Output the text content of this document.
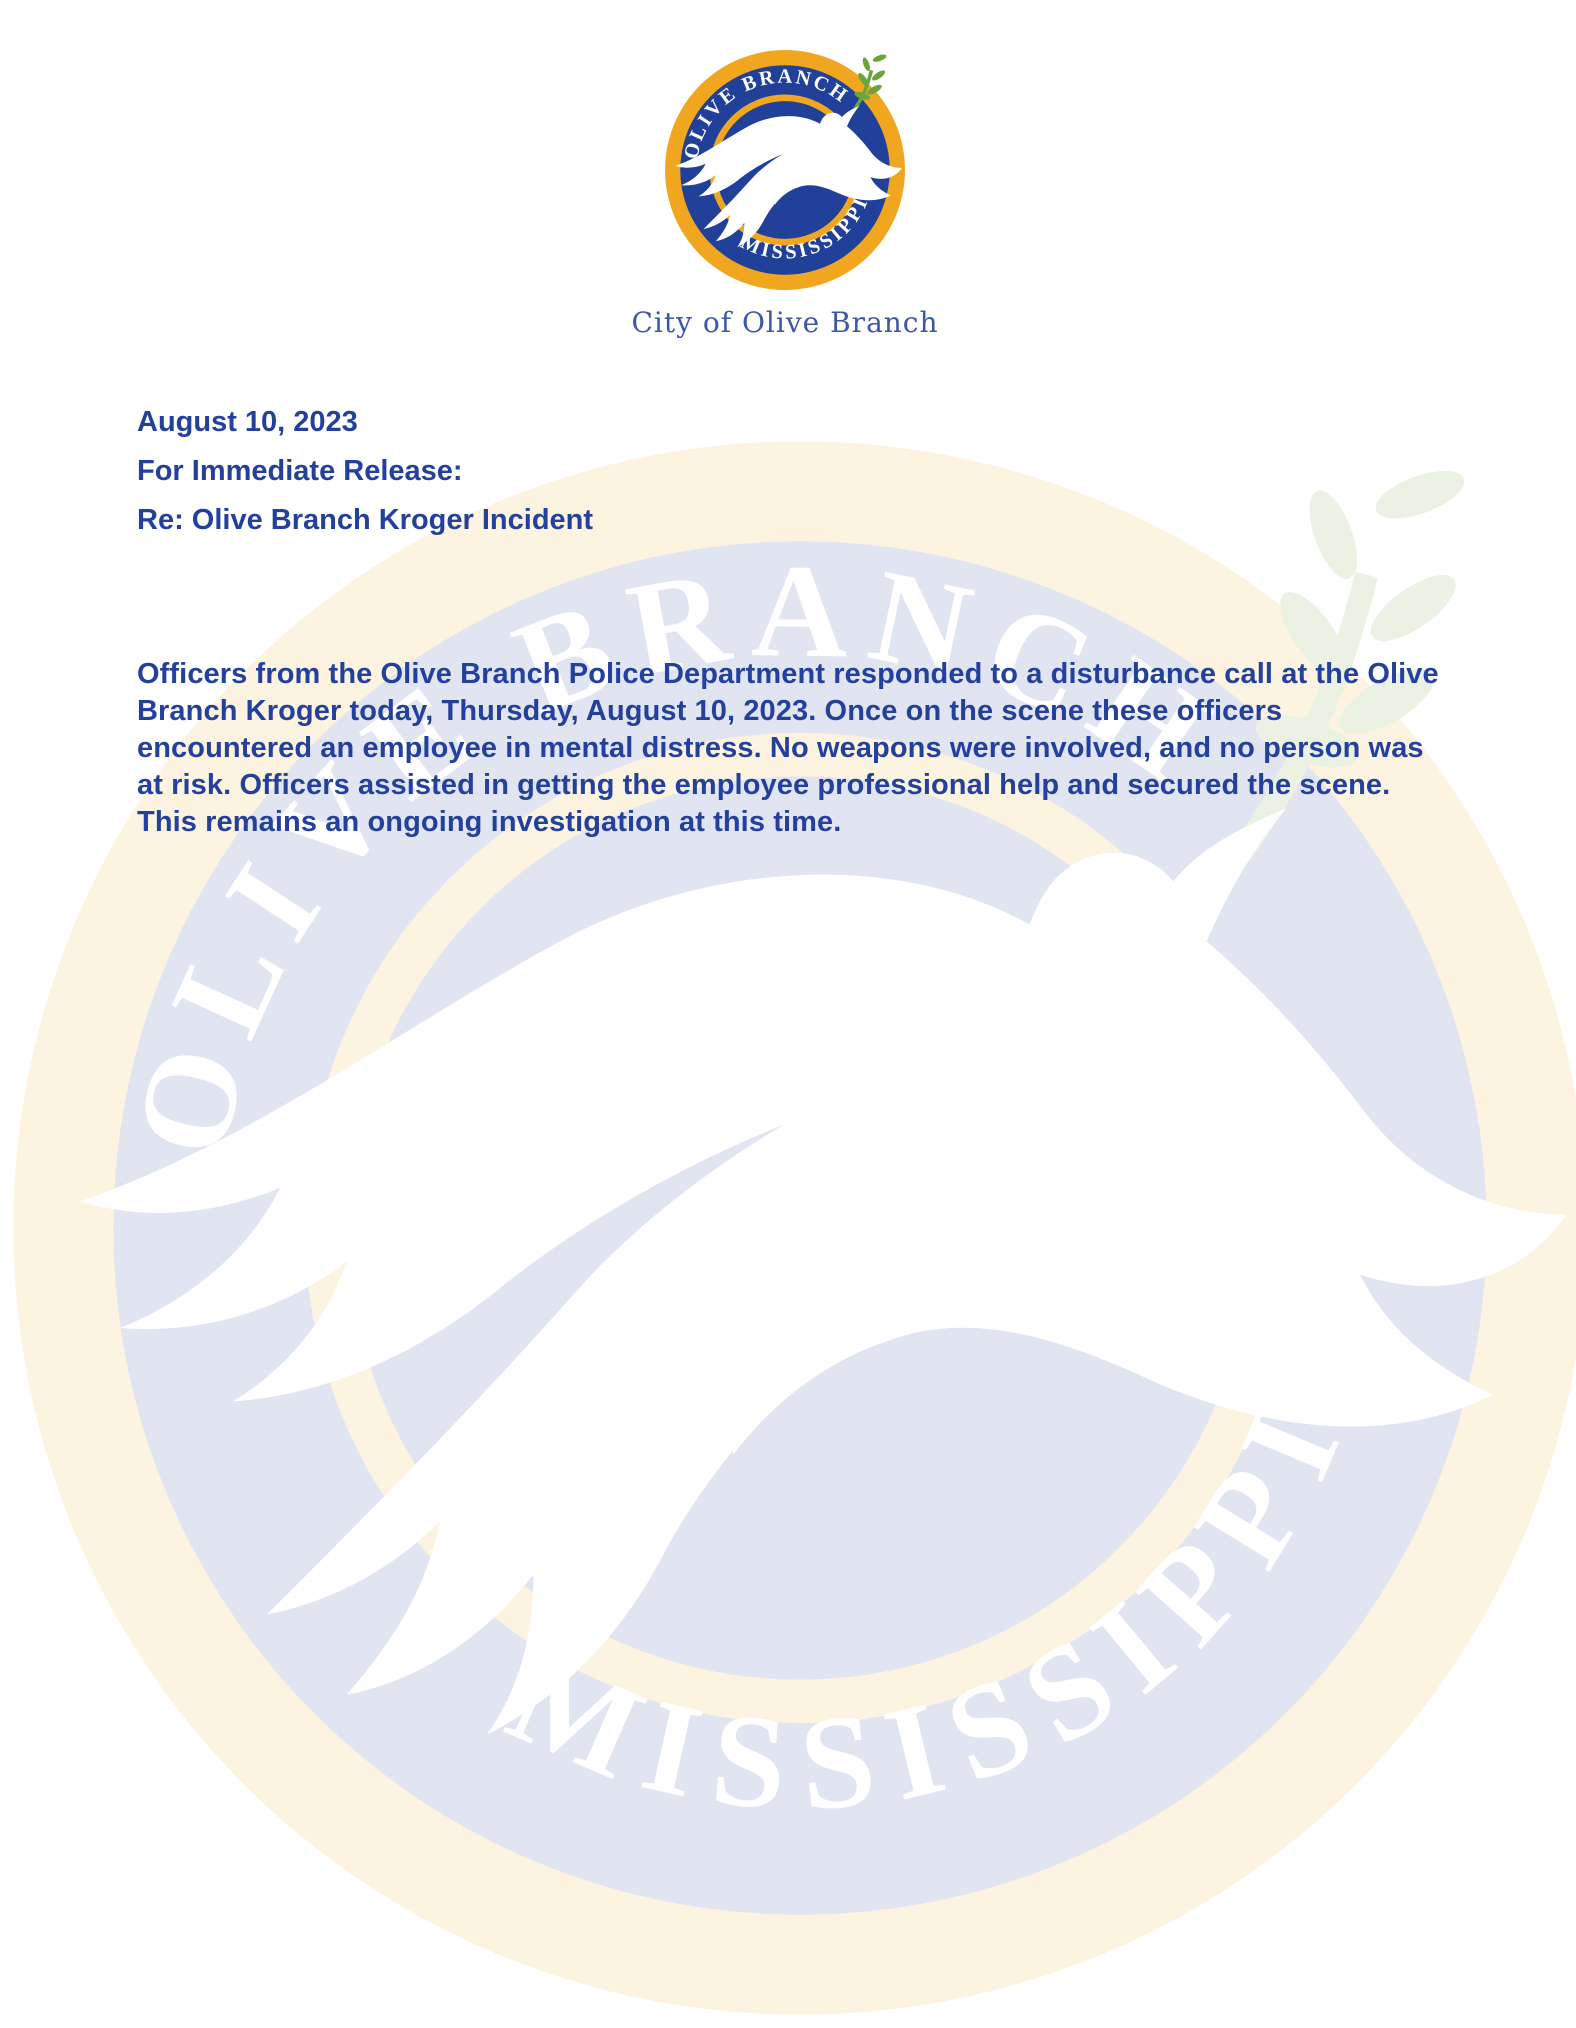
City of Olive Branch

August 10, 2023

For Immediate Release:

Re: Olive Branch Kroger Incident

Officers from the Olive Branch Police Department responded to a disturbance call at the Olive Branch Kroger today, Thursday, August 10, 2023. Once on the scene these officers encountered an employee in mental distress. No weapons were involved, and no person was at risk. Officers assisted in getting the employee professional help and secured the scene. This remains an ongoing investigation at this time.
